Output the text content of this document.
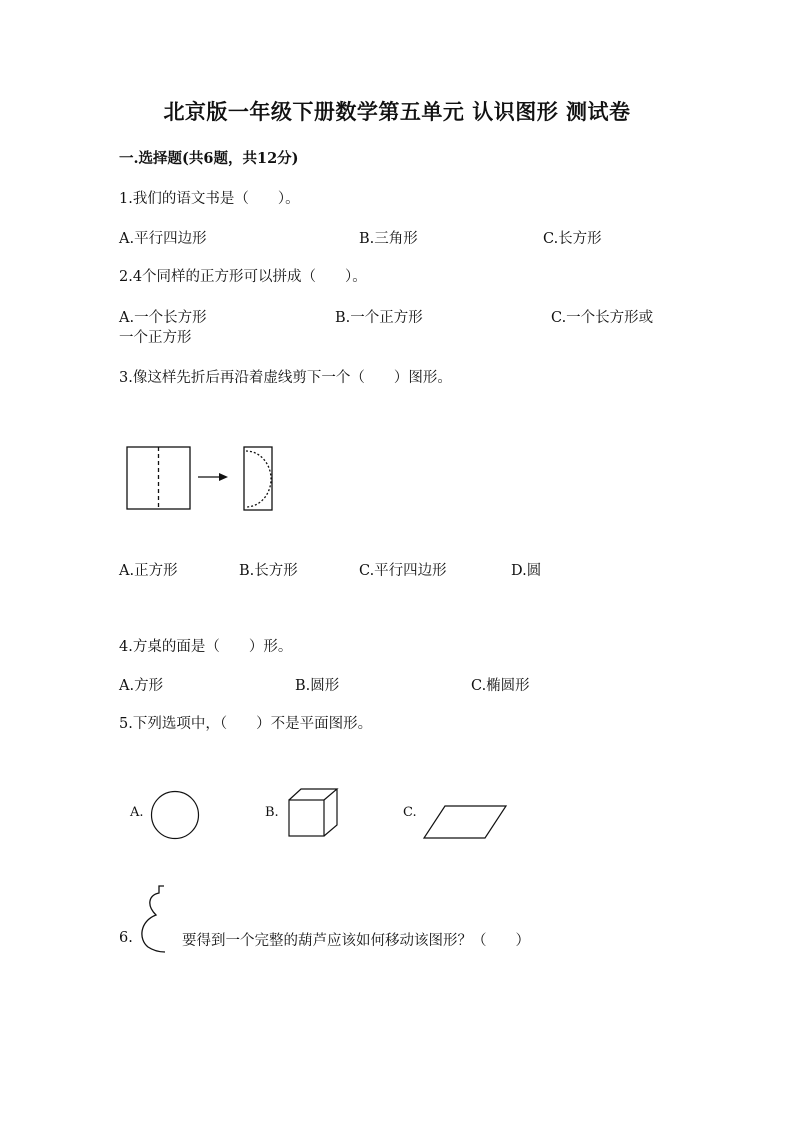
北京版一年级下册数学第五单元 认识图形 测试卷
一.选择题(共6题，共12分)
1.我们的语文书是（　　）。
A.平行四边形	B.三角形	C.长方形
2.4个同样的正方形可以拼成（　　）。
A.一个长方形	B.一个正方形	C.一个长方形或
一个正方形
3.像这样先折后再沿着虚线剪下一个（　　）图形。
A.正方形	B.长方形	C.平行四边形	D.圆
4.方桌的面是（　　）形。
A.方形	B.圆形	C.椭圆形
5.下列选项中，（　　）不是平面图形。
A.	B.	C.
6.	要得到一个完整的葫芦应该如何移动该图形？（　　）
